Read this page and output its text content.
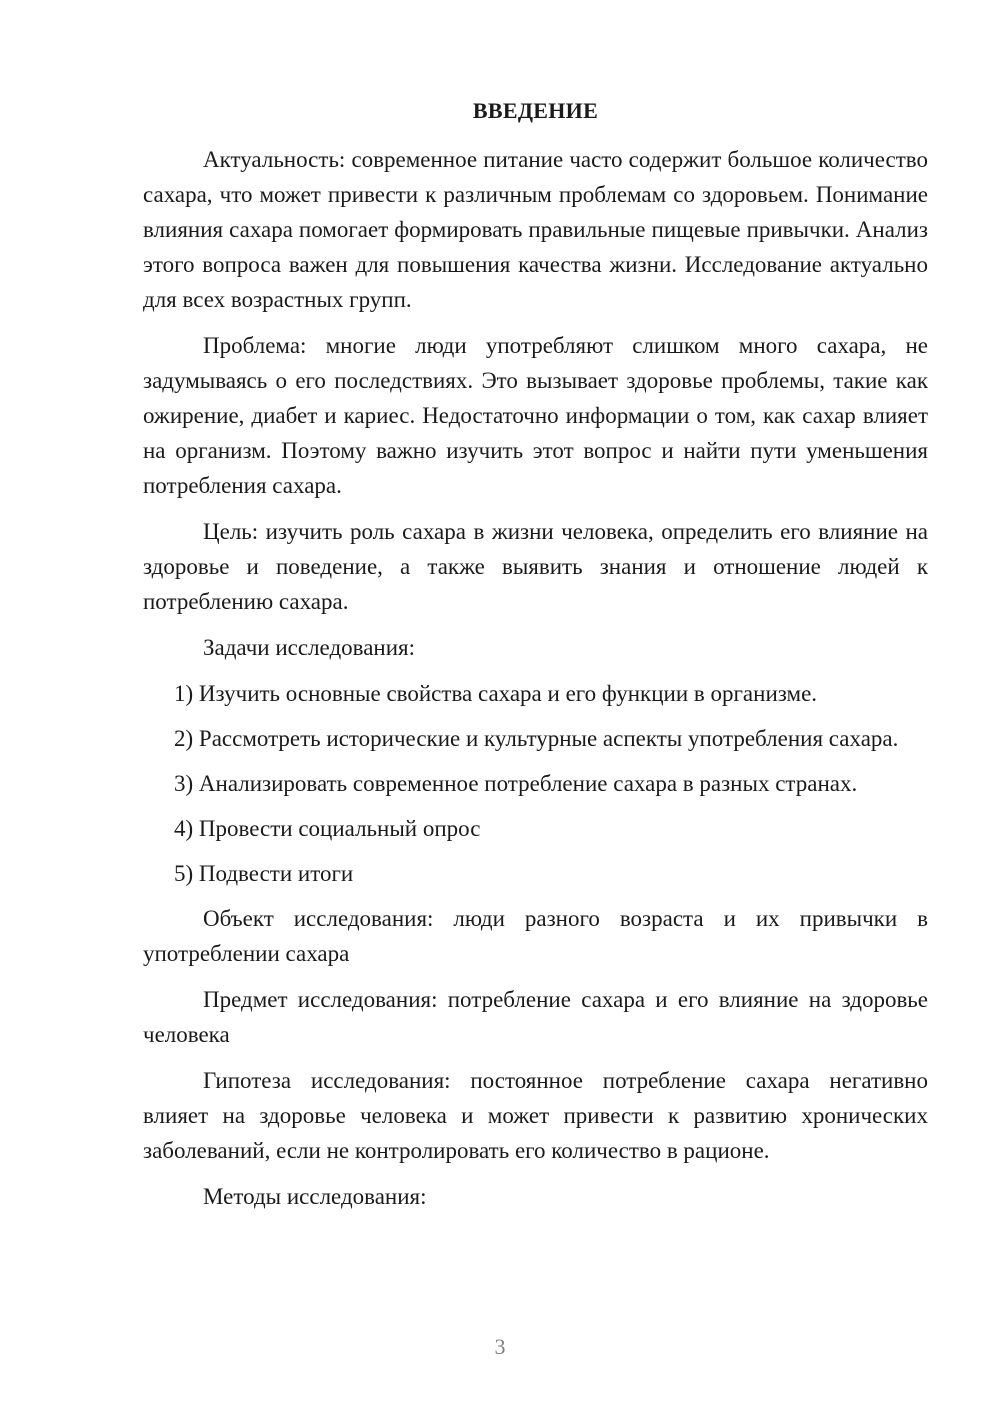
ВВЕДЕНИЕ

Актуальность: современное питание часто содержит большое количество сахара, что может привести к различным проблемам со здоровьем. Понимание влияния сахара помогает формировать правильные пищевые привычки. Анализ этого вопроса важен для повышения качества жизни. Исследование актуально для всех возрастных групп.

Проблема: многие люди употребляют слишком много сахара, не задумываясь о его последствиях. Это вызывает здоровье проблемы, такие как ожирение, диабет и кариес. Недостаточно информации о том, как сахар влияет на организм. Поэтому важно изучить этот вопрос и найти пути уменьшения потребления сахара.

Цель: изучить роль сахара в жизни человека, определить его влияние на здоровье и поведение, а также выявить знания и отношение людей к потреблению сахара.

Задачи исследования:

1) Изучить основные свойства сахара и его функции в организме.

2) Рассмотреть исторические и культурные аспекты употребления сахара.

3) Анализировать современное потребление сахара в разных странах.

4) Провести социальный опрос

5) Подвести итоги

Объект исследования: люди разного возраста и их привычки в употреблении сахара

Предмет исследования: потребление сахара и его влияние на здоровье человека

Гипотеза исследования: постоянное потребление сахара негативно влияет на здоровье человека и может привести к развитию хронических заболеваний, если не контролировать его количество в рационе.

Методы исследования:

3
